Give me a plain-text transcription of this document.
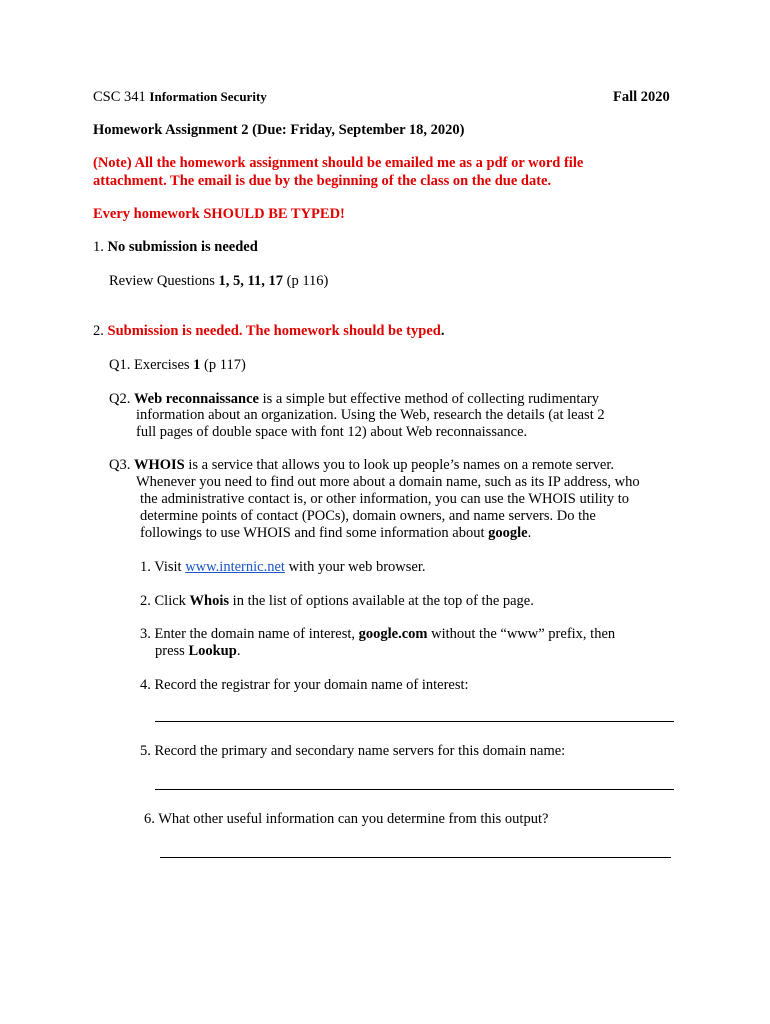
CSC 341 Information Security	Fall 2020
Homework Assignment 2 (Due: Friday, September 18, 2020)
(Note) All the homework assignment should be emailed me as a pdf or word file
attachment. The email is due by the beginning of the class on the due date.
Every homework SHOULD BE TYPED!
1. No submission is needed
Review Questions 1, 5, 11, 17 (p 116)
2. Submission is needed. The homework should be typed.
Q1. Exercises 1 (p 117)
Q2. Web reconnaissance is a simple but effective method of collecting rudimentary
information about an organization. Using the Web, research the details (at least 2
full pages of double space with font 12) about Web reconnaissance.
Q3. WHOIS is a service that allows you to look up people’s names on a remote server.
Whenever you need to find out more about a domain name, such as its IP address, who
the administrative contact is, or other information, you can use the WHOIS utility to
determine points of contact (POCs), domain owners, and name servers. Do the
followings to use WHOIS and find some information about google.
1. Visit www.internic.net with your web browser.
2. Click Whois in the list of options available at the top of the page.
3. Enter the domain name of interest, google.com without the “www” prefix, then
press Lookup.
4. Record the registrar for your domain name of interest:
5. Record the primary and secondary name servers for this domain name:
6. What other useful information can you determine from this output?
